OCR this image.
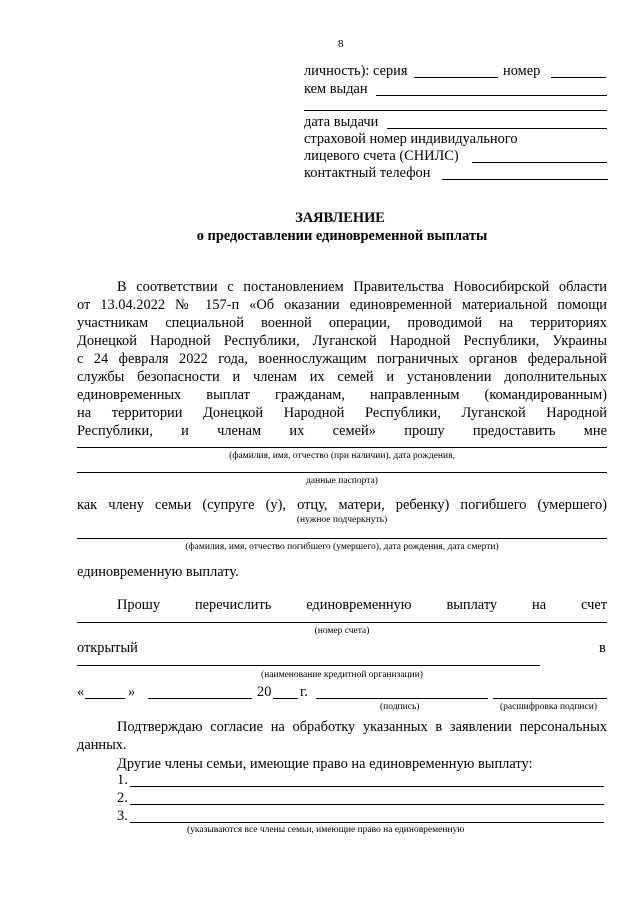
8
личность): серия	номер
кем выдан
дата выдачи
страховой номер индивидуального
лицевого счета (СНИЛС)
контактный телефон
ЗАЯВЛЕНИЕ
о предоставлении единовременной выплаты
В соответствии с постановлением Правительства Новосибирской области
от 13.04.2022 № 157-п «Об оказании единовременной материальной помощи
участникам специальной военной операции, проводимой на территориях
Донецкой Народной Республики, Луганской Народной Республики, Украины
с 24 февраля 2022 года, военнослужащим пограничных органов федеральной
службы безопасности и членам их семей и установлении дополнительных
единовременных выплат гражданам, направленным (командированным)
на территории Донецкой Народной Республики, Луганской Народной
Республики, и членам их семей» прошу предоставить мне
(фамилия, имя, отчество (при наличии), дата рождения,
данные паспорта)
как члену семьи (супруге (у), отцу, матери, ребенку) погибшего (умершего)
(нужное подчеркнуть)
(фамилия, имя, отчество погибшего (умершего), дата рождения, дата смерти)
единовременную выплату.
Прошу перечислить единовременную выплату на счет
(номер счета)
открытый	в
(наименование кредитной организации)
«	»	20 г.
(подпись)	(расшифровка подписи)
Подтверждаю согласие на обработку указанных в заявлении персональных данных.
Другие члены семьи, имеющие право на единовременную выплату:
1.
2.
3.
(указываются все члены семьи, имеющие право на единовременную
